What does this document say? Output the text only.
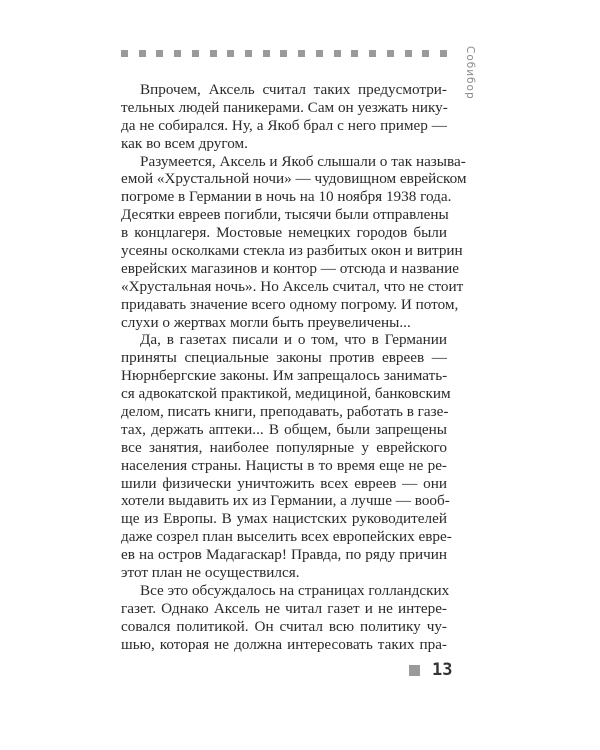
Собибор
Впрочем, Аксель считал таких предусмотри-
тельных людей паникерами. Сам он уезжать нику-
да не собирался. Ну, а Якоб брал с него пример —
как во всем другом.
Разумеется, Аксель и Якоб слышали о так называ-
емой «Хрустальной ночи» — чудовищном еврейском
погроме в Германии в ночь на 10 ноября 1938 года.
Десятки евреев погибли, тысячи были отправлены
в концлагеря. Мостовые немецких городов были
усеяны осколками стекла из разбитых окон и витрин
еврейских магазинов и контор — отсюда и название
«Хрустальная ночь». Но Аксель считал, что не стоит
придавать значение всего одному погрому. И потом,
слухи о жертвах могли быть преувеличены...
Да, в газетах писали и о том, что в Германии
приняты специальные законы против евреев —
Нюрнбергские законы. Им запрещалось занимать-
ся адвокатской практикой, медициной, банковским
делом, писать книги, преподавать, работать в газе-
тах, держать аптеки... В общем, были запрещены
все занятия, наиболее популярные у еврейского
населения страны. Нацисты в то время еще не ре-
шили физически уничтожить всех евреев — они
хотели выдавить их из Германии, а лучше — вооб-
ще из Европы. В умах нацистских руководителей
даже созрел план выселить всех европейских евре-
ев на остров Мадагаскар! Правда, по ряду причин
этот план не осуществился.
Все это обсуждалось на страницах голландских
газет. Однако Аксель не читал газет и не интере-
совался политикой. Он считал всю политику чу-
шью, которая не должна интересовать таких пра-
13
